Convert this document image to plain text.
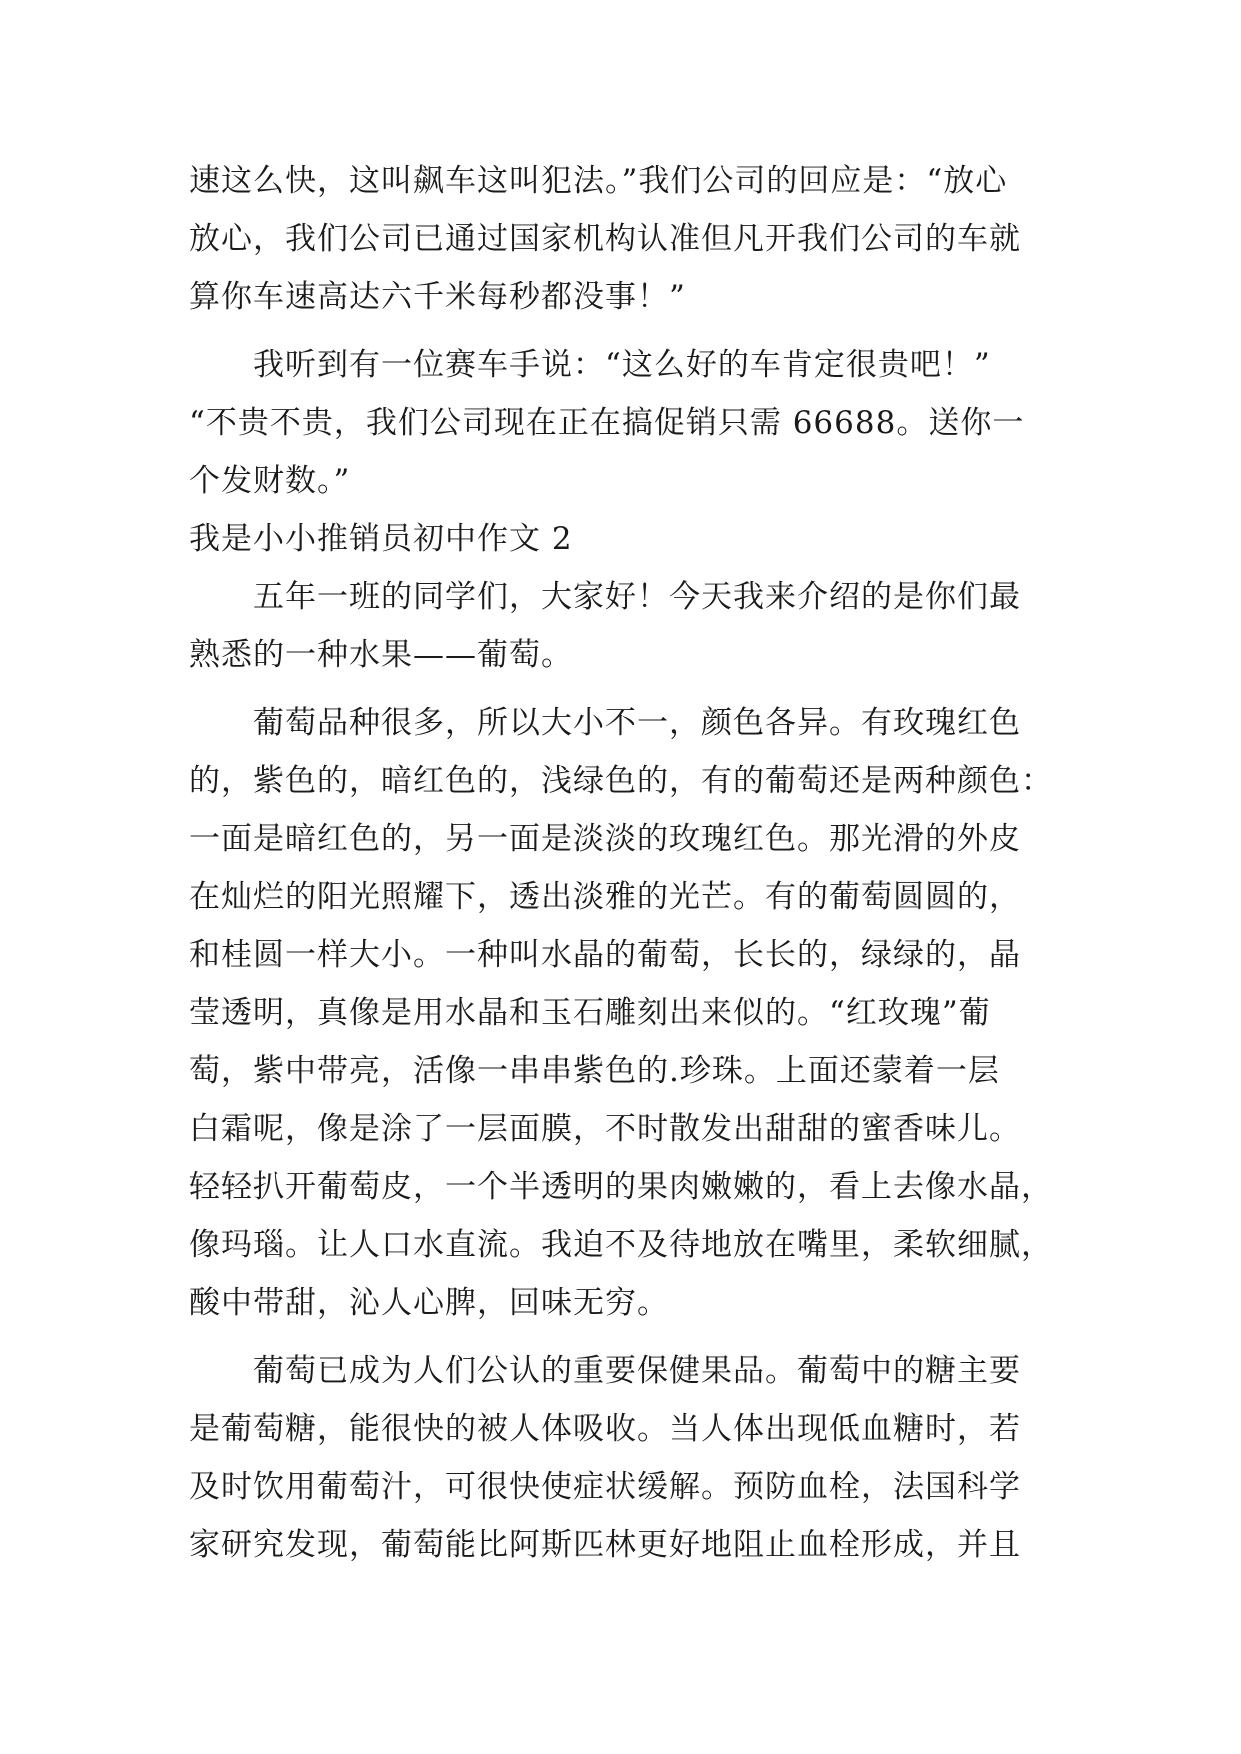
速这么快，这叫飙车这叫犯法。”我们公司的回应是：“放心
放心，我们公司已通过国家机构认准但凡开我们公司的车就
算你车速高达六千米每秒都没事！”
　　我听到有一位赛车手说：“这么好的车肯定很贵吧！”
“不贵不贵，我们公司现在正在搞促销只需 66688。送你一
个发财数。”
我是小小推销员初中作文 2
　　五年一班的同学们，大家好！今天我来介绍的是你们最
熟悉的一种水果——葡萄。
　　葡萄品种很多，所以大小不一，颜色各异。有玫瑰红色
的，紫色的，暗红色的，浅绿色的，有的葡萄还是两种颜色：
一面是暗红色的，另一面是淡淡的玫瑰红色。那光滑的外皮
在灿烂的阳光照耀下，透出淡雅的光芒。有的葡萄圆圆的，
和桂圆一样大小。一种叫水晶的葡萄，长长的，绿绿的，晶
莹透明，真像是用水晶和玉石雕刻出来似的。“红玫瑰”葡
萄，紫中带亮，活像一串串紫色的.珍珠。上面还蒙着一层
白霜呢，像是涂了一层面膜，不时散发出甜甜的蜜香味儿。
轻轻扒开葡萄皮，一个半透明的果肉嫩嫩的，看上去像水晶，
像玛瑙。让人口水直流。我迫不及待地放在嘴里，柔软细腻，
酸中带甜，沁人心脾，回味无穷。
　　葡萄已成为人们公认的重要保健果品。葡萄中的糖主要
是葡萄糖，能很快的被人体吸收。当人体出现低血糖时，若
及时饮用葡萄汁，可很快使症状缓解。预防血栓，法国科学
家研究发现，葡萄能比阿斯匹林更好地阻止血栓形成，并且
